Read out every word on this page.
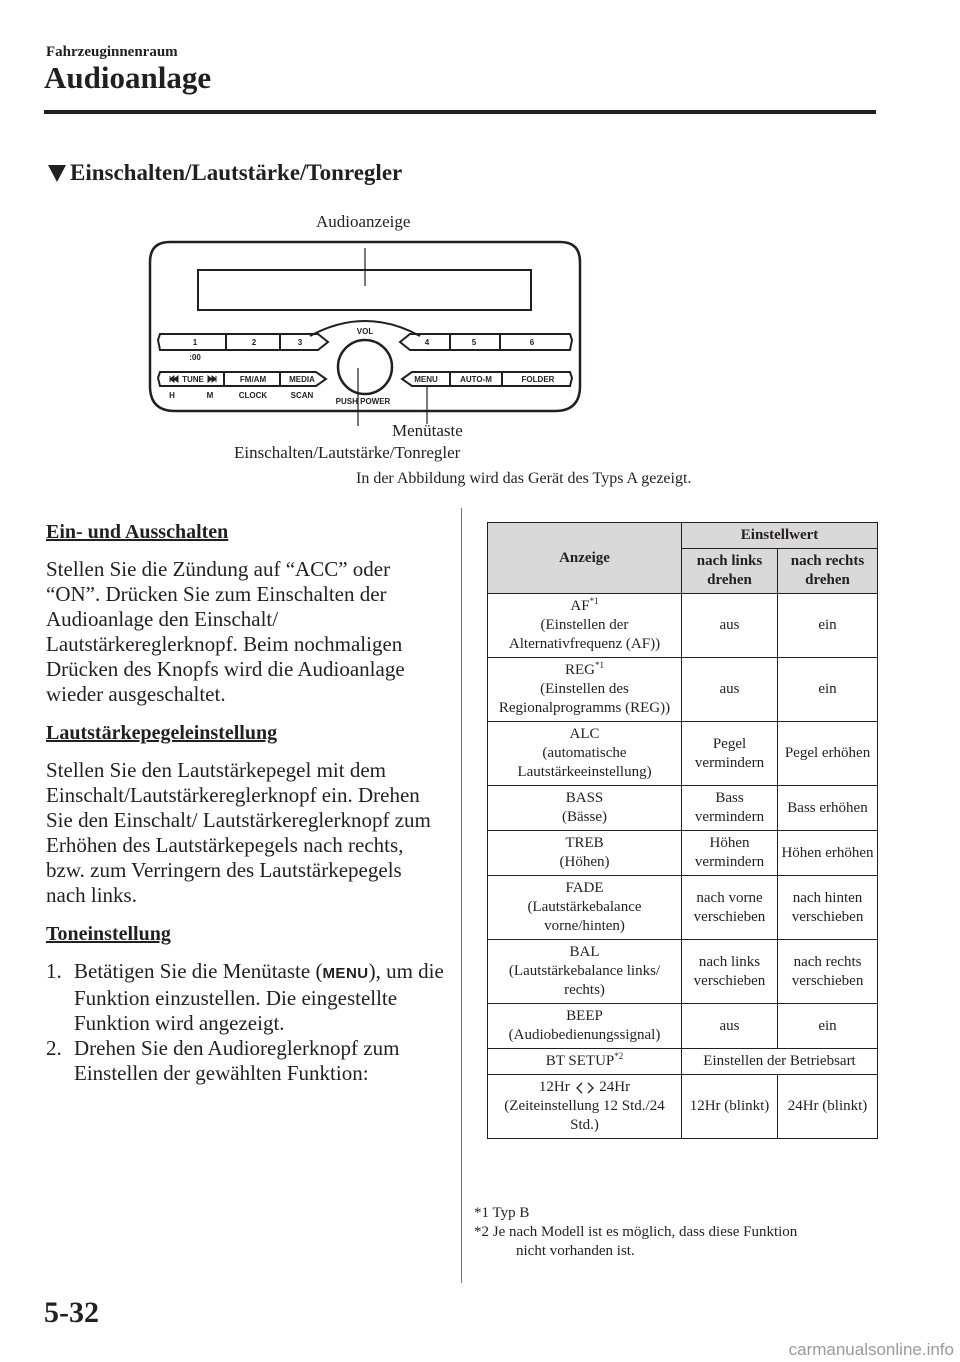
Fahrzeuginnenraum
Audioanlage
Einschalten/Lautstärke/Tonregler
1	2	3	4	5	6
:00
VOL
TUNE	FM/AM	MEDIA	MENU	AUTO-M	FOLDER
H	M	CLOCK	SCAN
PUSH POWER
Audioanzeige
Menütaste
Einschalten/Lautstärke/Tonregler
In der Abbildung wird das Gerät des Typs A gezeigt.
Ein- und Ausschalten

Stellen Sie die Zündung auf “ACC” oder “ON”. Drücken Sie zum Einschalten der Audioanlage den Einschalt/ Lautstärkereglerknopf. Beim nochmaligen Drücken des Knopfs wird die Audioanlage wieder ausgeschaltet.

Lautstärkepegeleinstellung

Stellen Sie den Lautstärkepegel mit dem Einschalt/Lautstärkereglerknopf ein. Drehen Sie den Einschalt/ Lautstärkereglerknopf zum Erhöhen des Lautstärkepegels nach rechts, bzw. zum Verringern des Lautstärkepegels nach links.

Toneinstellung
1. Betätigen Sie die Menütaste (MENU), um die Funktion einzustellen. Die eingestellte Funktion wird angezeigt.
2. Drehen Sie den Audioreglerknopf zum Einstellen der gewählten Funktion:
Anzeige	Einstellwert	
	nach links drehen	nach rechts drehen
AF$^{*1}$
(Einstellen der Alternativfrequenz (AF))	aus	ein
REG$^{*1}$
(Einstellen des Regionalprogramms (REG))	aus	ein
ALC
(automatische Lautstärkeeinstellung)	Pegel vermindern	Pegel erhöhen
BASS
(Bässe)	Bass vermindern	Bass erhöhen
TREB
(Höhen)	Höhen vermindern	Höhen erhöhen
FADE
(Lautstärkebalance vorne/hinten)	nach vorne verschieben	nach hinten verschieben
BAL
(Lautstärkebalance links/ rechts)	nach links verschieben	nach rechts verschieben
BEEP
(Audiobedienungssignal)	aus	ein
BT SETUP$^{*2}$	Einstellen der Betriebsart	
12Hr 24Hr
(Zeiteinstellung 12 Std./24 Std.)	12Hr (blinkt)	24Hr (blinkt)
*1 Typ B
*2 Je nach Modell ist es möglich, dass diese Funktion
nicht vorhanden ist.
5-32
carmanualsonline.info
